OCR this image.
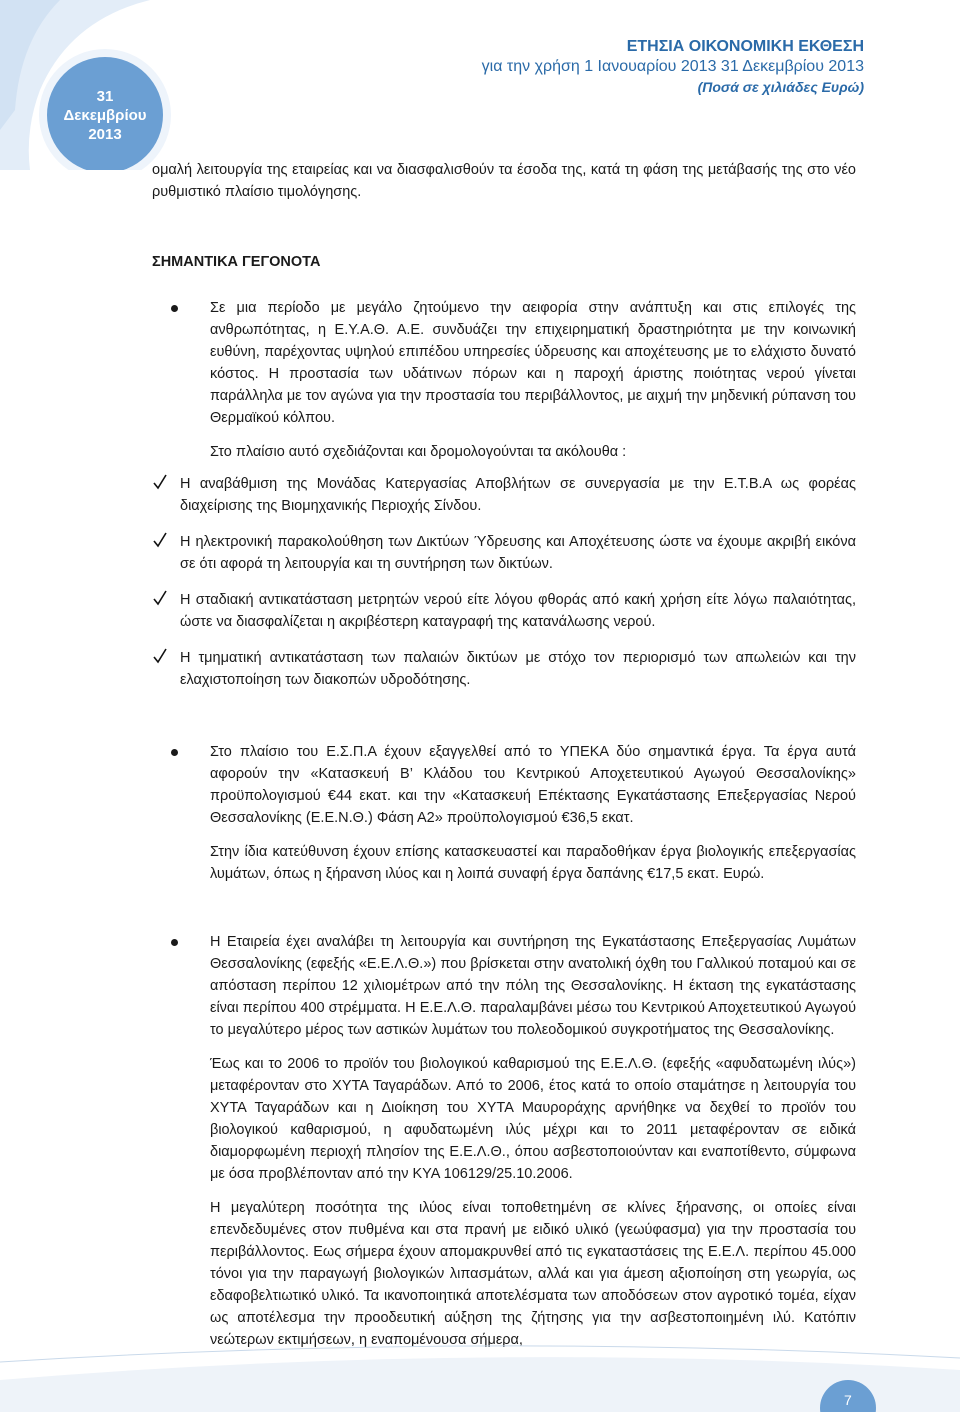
31
Δεκεμβρίου
2013
ΕΤΗΣΙΑ ΟΙΚΟΝΟΜΙΚΗ ΕΚΘΕΣΗ
για την χρήση 1 Ιανουαρίου 2013 31 Δεκεμβρίου 2013
(Ποσά σε χιλιάδες Ευρώ)

ομαλή λειτουργία της εταιρείας και να διασφαλισθούν τα έσοδα της, κατά τη φάση της μετάβασής της στο νέο ρυθμιστικό πλαίσιο τιμολόγησης.

ΣΗΜΑΝΤΙΚΑ ΓΕΓΟΝΟΤΑ

Σε μια περίοδο με μεγάλο ζητούμενο την αειφορία στην ανάπτυξη και στις επιλογές της ανθρωπότητας, η Ε.Υ.Α.Θ. Α.Ε. συνδυάζει την επιχειρηματική δραστηριότητα με την κοινωνική ευθύνη, παρέχοντας υψηλού επιπέδου υπηρεσίες ύδρευσης και αποχέτευσης με το ελάχιστο δυνατό κόστος. Η προστασία των υδάτινων πόρων και η παροχή άριστης ποιότητας νερού γίνεται παράλληλα με τον αγώνα για την προστασία του περιβάλλοντος, με αιχμή την μηδενική ρύπανση του Θερμαϊκού κόλπου.

Στο πλαίσιο αυτό σχεδιάζονται και δρομολογούνται τα ακόλουθα :

Η αναβάθμιση της Μονάδας Κατεργασίας Αποβλήτων σε συνεργασία με την Ε.Τ.Β.Α ως φορέας διαχείρισης της Βιομηχανικής Περιοχής Σίνδου.

Η ηλεκτρονική παρακολούθηση των Δικτύων Ύδρευσης και Αποχέτευσης ώστε να έχουμε ακριβή εικόνα σε ότι αφορά τη λειτουργία και τη συντήρηση των δικτύων.

Η σταδιακή αντικατάσταση μετρητών νερού είτε λόγου φθοράς από κακή χρήση είτε λόγω παλαιότητας, ώστε να διασφαλίζεται η ακριβέστερη καταγραφή της κατανάλωσης νερού.

Η τμηματική αντικατάσταση των παλαιών δικτύων με στόχο τον περιορισμό των απωλειών και την ελαχιστοποίηση των διακοπών υδροδότησης.

Στο πλαίσιο του Ε.Σ.Π.Α έχουν εξαγγελθεί από το ΥΠΕΚΑ δύο σημαντικά έργα. Τα έργα αυτά αφορούν την «Κατασκευή Β’ Κλάδου του Κεντρικού Αποχετευτικού Αγωγού Θεσσαλονίκης» προϋπολογισμού €44 εκατ. και την «Κατασκευή Επέκτασης Εγκατάστασης Επεξεργασίας Νερού Θεσσαλονίκης (Ε.Ε.Ν.Θ.) Φάση Α2» προϋπολογισμού €36,5 εκατ.

Στην ίδια κατεύθυνση έχουν επίσης κατασκευαστεί και παραδοθήκαν έργα βιολογικής επεξεργασίας λυμάτων, όπως η ξήρανση ιλύος και η λοιπά συναφή έργα δαπάνης €17,5 εκατ. Ευρώ.

Η Εταιρεία έχει αναλάβει τη λειτουργία και συντήρηση της Εγκατάστασης Επεξεργασίας Λυμάτων Θεσσαλονίκης (εφεξής «Ε.Ε.Λ.Θ.») που βρίσκεται στην ανατολική όχθη του Γαλλικού ποταμού και σε απόσταση περίπου 12 χιλιομέτρων από την πόλη της Θεσσαλονίκης. Η έκταση της εγκατάστασης είναι περίπου 400 στρέμματα. Η Ε.Ε.Λ.Θ. παραλαμβάνει μέσω του Κεντρικού Αποχετευτικού Αγωγού το μεγαλύτερο μέρος των αστικών λυμάτων του πολεοδομικού συγκροτήματος της Θεσσαλονίκης.

Έως και το 2006 το προϊόν του βιολογικού καθαρισμού της Ε.Ε.Λ.Θ. (εφεξής «αφυδατωμένη ιλύς») μεταφέρονταν στο ΧΥΤΑ Ταγαράδων. Από το 2006, έτος κατά το οποίο σταμάτησε η λειτουργία του ΧΥΤΑ Ταγαράδων και η Διοίκηση του ΧΥΤΑ Μαυροράχης αρνήθηκε να δεχθεί το προϊόν του βιολογικού καθαρισμού, η αφυδατωμένη ιλύς μέχρι και το 2011 μεταφέρονταν σε ειδικά διαμορφωμένη περιοχή πλησίον της Ε.Ε.Λ.Θ., όπου ασβεστοποιούνταν και εναποτίθεντο, σύμφωνα με όσα προβλέπονταν από την ΚΥΑ 106129/25.10.2006.

Η μεγαλύτερη ποσότητα της ιλύος είναι τοποθετημένη σε κλίνες ξήρανσης, οι οποίες είναι επενδεδυμένες στον πυθμένα και στα πρανή με ειδικό υλικό (γεωύφασμα) για την προστασία του περιβάλλοντος. Εως σήμερα έχουν απομακρυνθεί από τις εγκαταστάσεις της Ε.Ε.Λ. περίπου 45.000 τόνοι για την παραγωγή βιολογικών λιπασμάτων, αλλά και για άμεση αξιοποίηση στη γεωργία, ως εδαφοβελτιωτικό υλικό. Τα ικανοποιητικά αποτελέσματα των αποδόσεων στον αγροτικό τομέα, είχαν ως αποτέλεσμα την προοδευτική αύξηση της ζήτησης για την ασβεστοποιημένη ιλύ. Κατόπιν νεώτερων εκτιμήσεων, η εναπομένουσα σήμερα,

7
